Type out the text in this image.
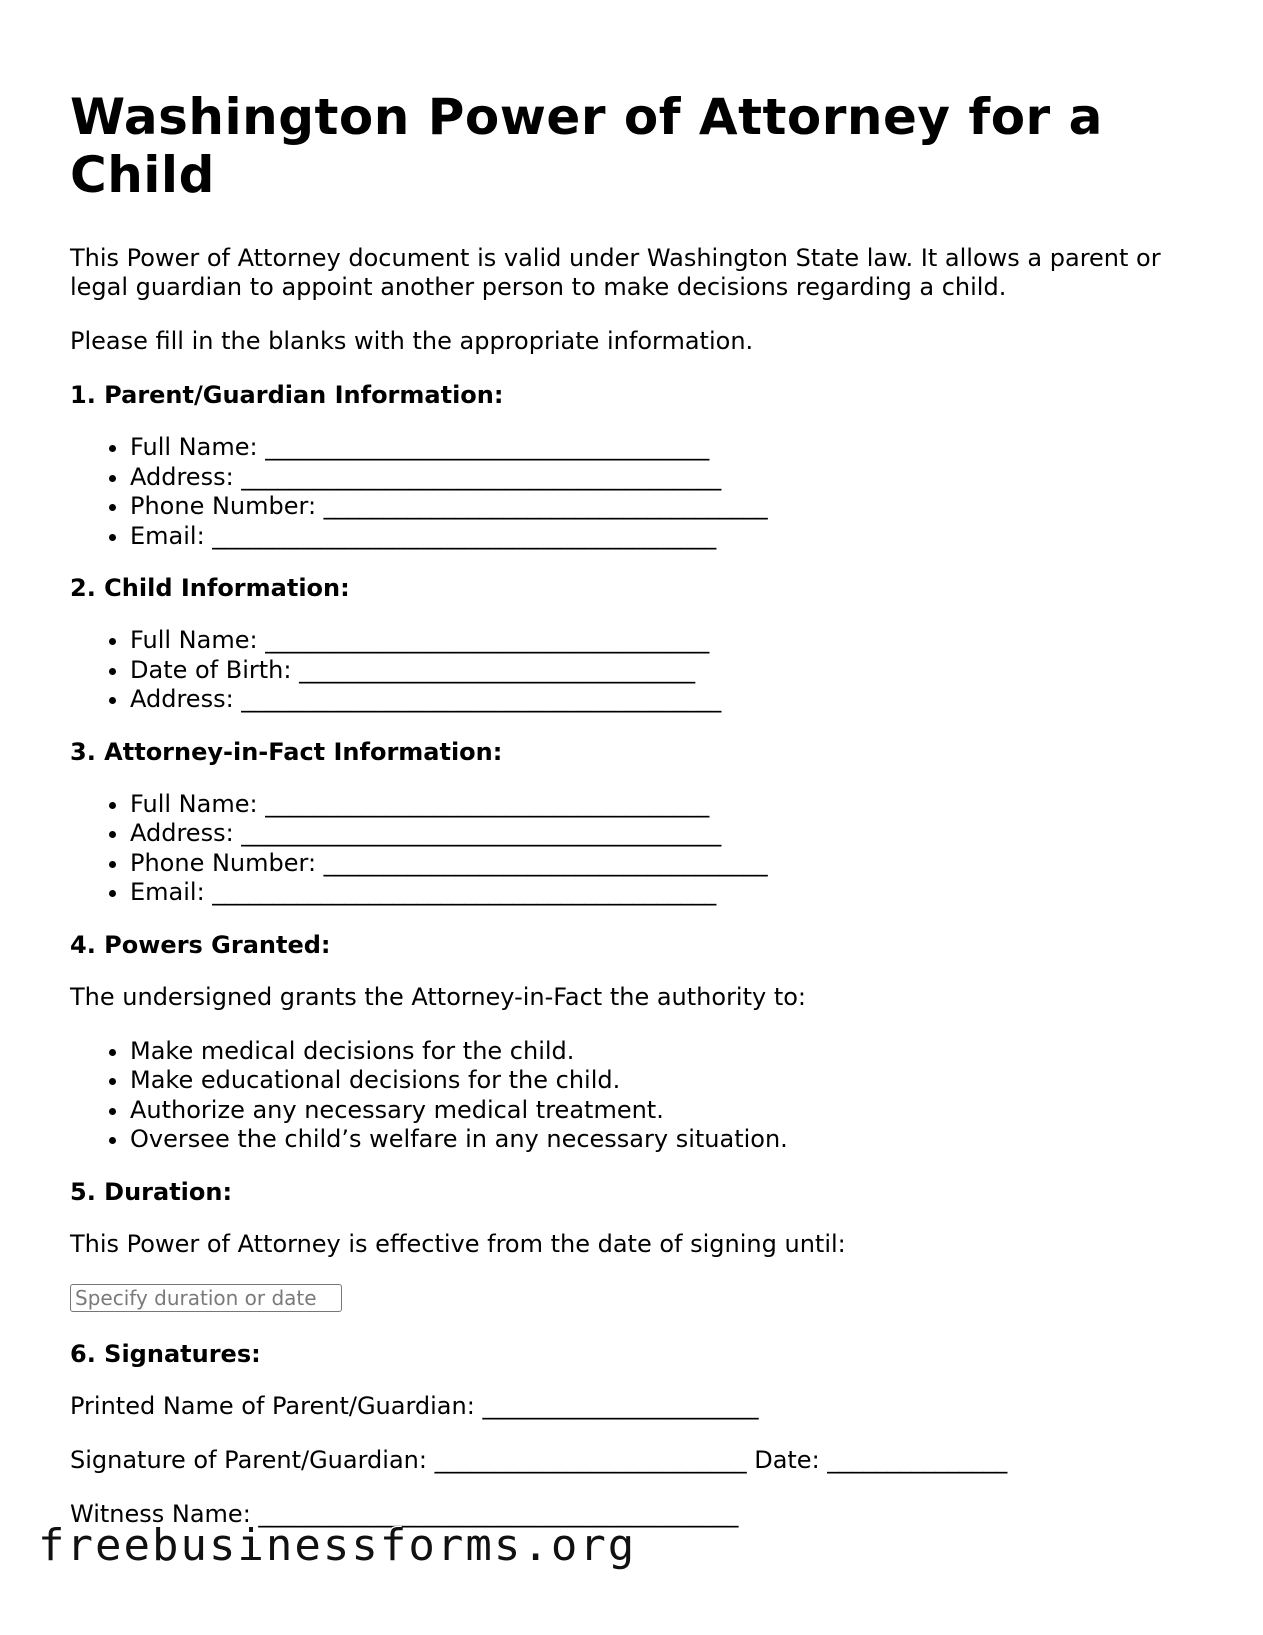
Washington Power of Attorney for a Child

This Power of Attorney document is valid under Washington State law. It allows a parent or legal guardian to appoint another person to make decisions regarding a child.

Please fill in the blanks with the appropriate information.

1. Parent/Guardian Information:
• Full Name: _____________________________________
• Address: ________________________________________
• Phone Number: _____________________________________
• Email: __________________________________________
2. Child Information:
• Full Name: _____________________________________
• Date of Birth: _________________________________
• Address: ________________________________________
3. Attorney-in-Fact Information:
• Full Name: _____________________________________
• Address: ________________________________________
• Phone Number: _____________________________________
• Email: __________________________________________
4. Powers Granted:

The undersigned grants the Attorney-in-Fact the authority to:

• Make medical decisions for the child.
• Make educational decisions for the child.
• Authorize any necessary medical treatment.
• Oversee the child’s welfare in any necessary situation.
5. Duration:

This Power of Attorney is effective from the date of signing until:

Specify duration or date
6. Signatures:

Printed Name of Parent/Guardian: _______________________

Signature of Parent/Guardian: __________________________ Date: _______________

Witness Name: ________________________________________

freebusinessforms.org
